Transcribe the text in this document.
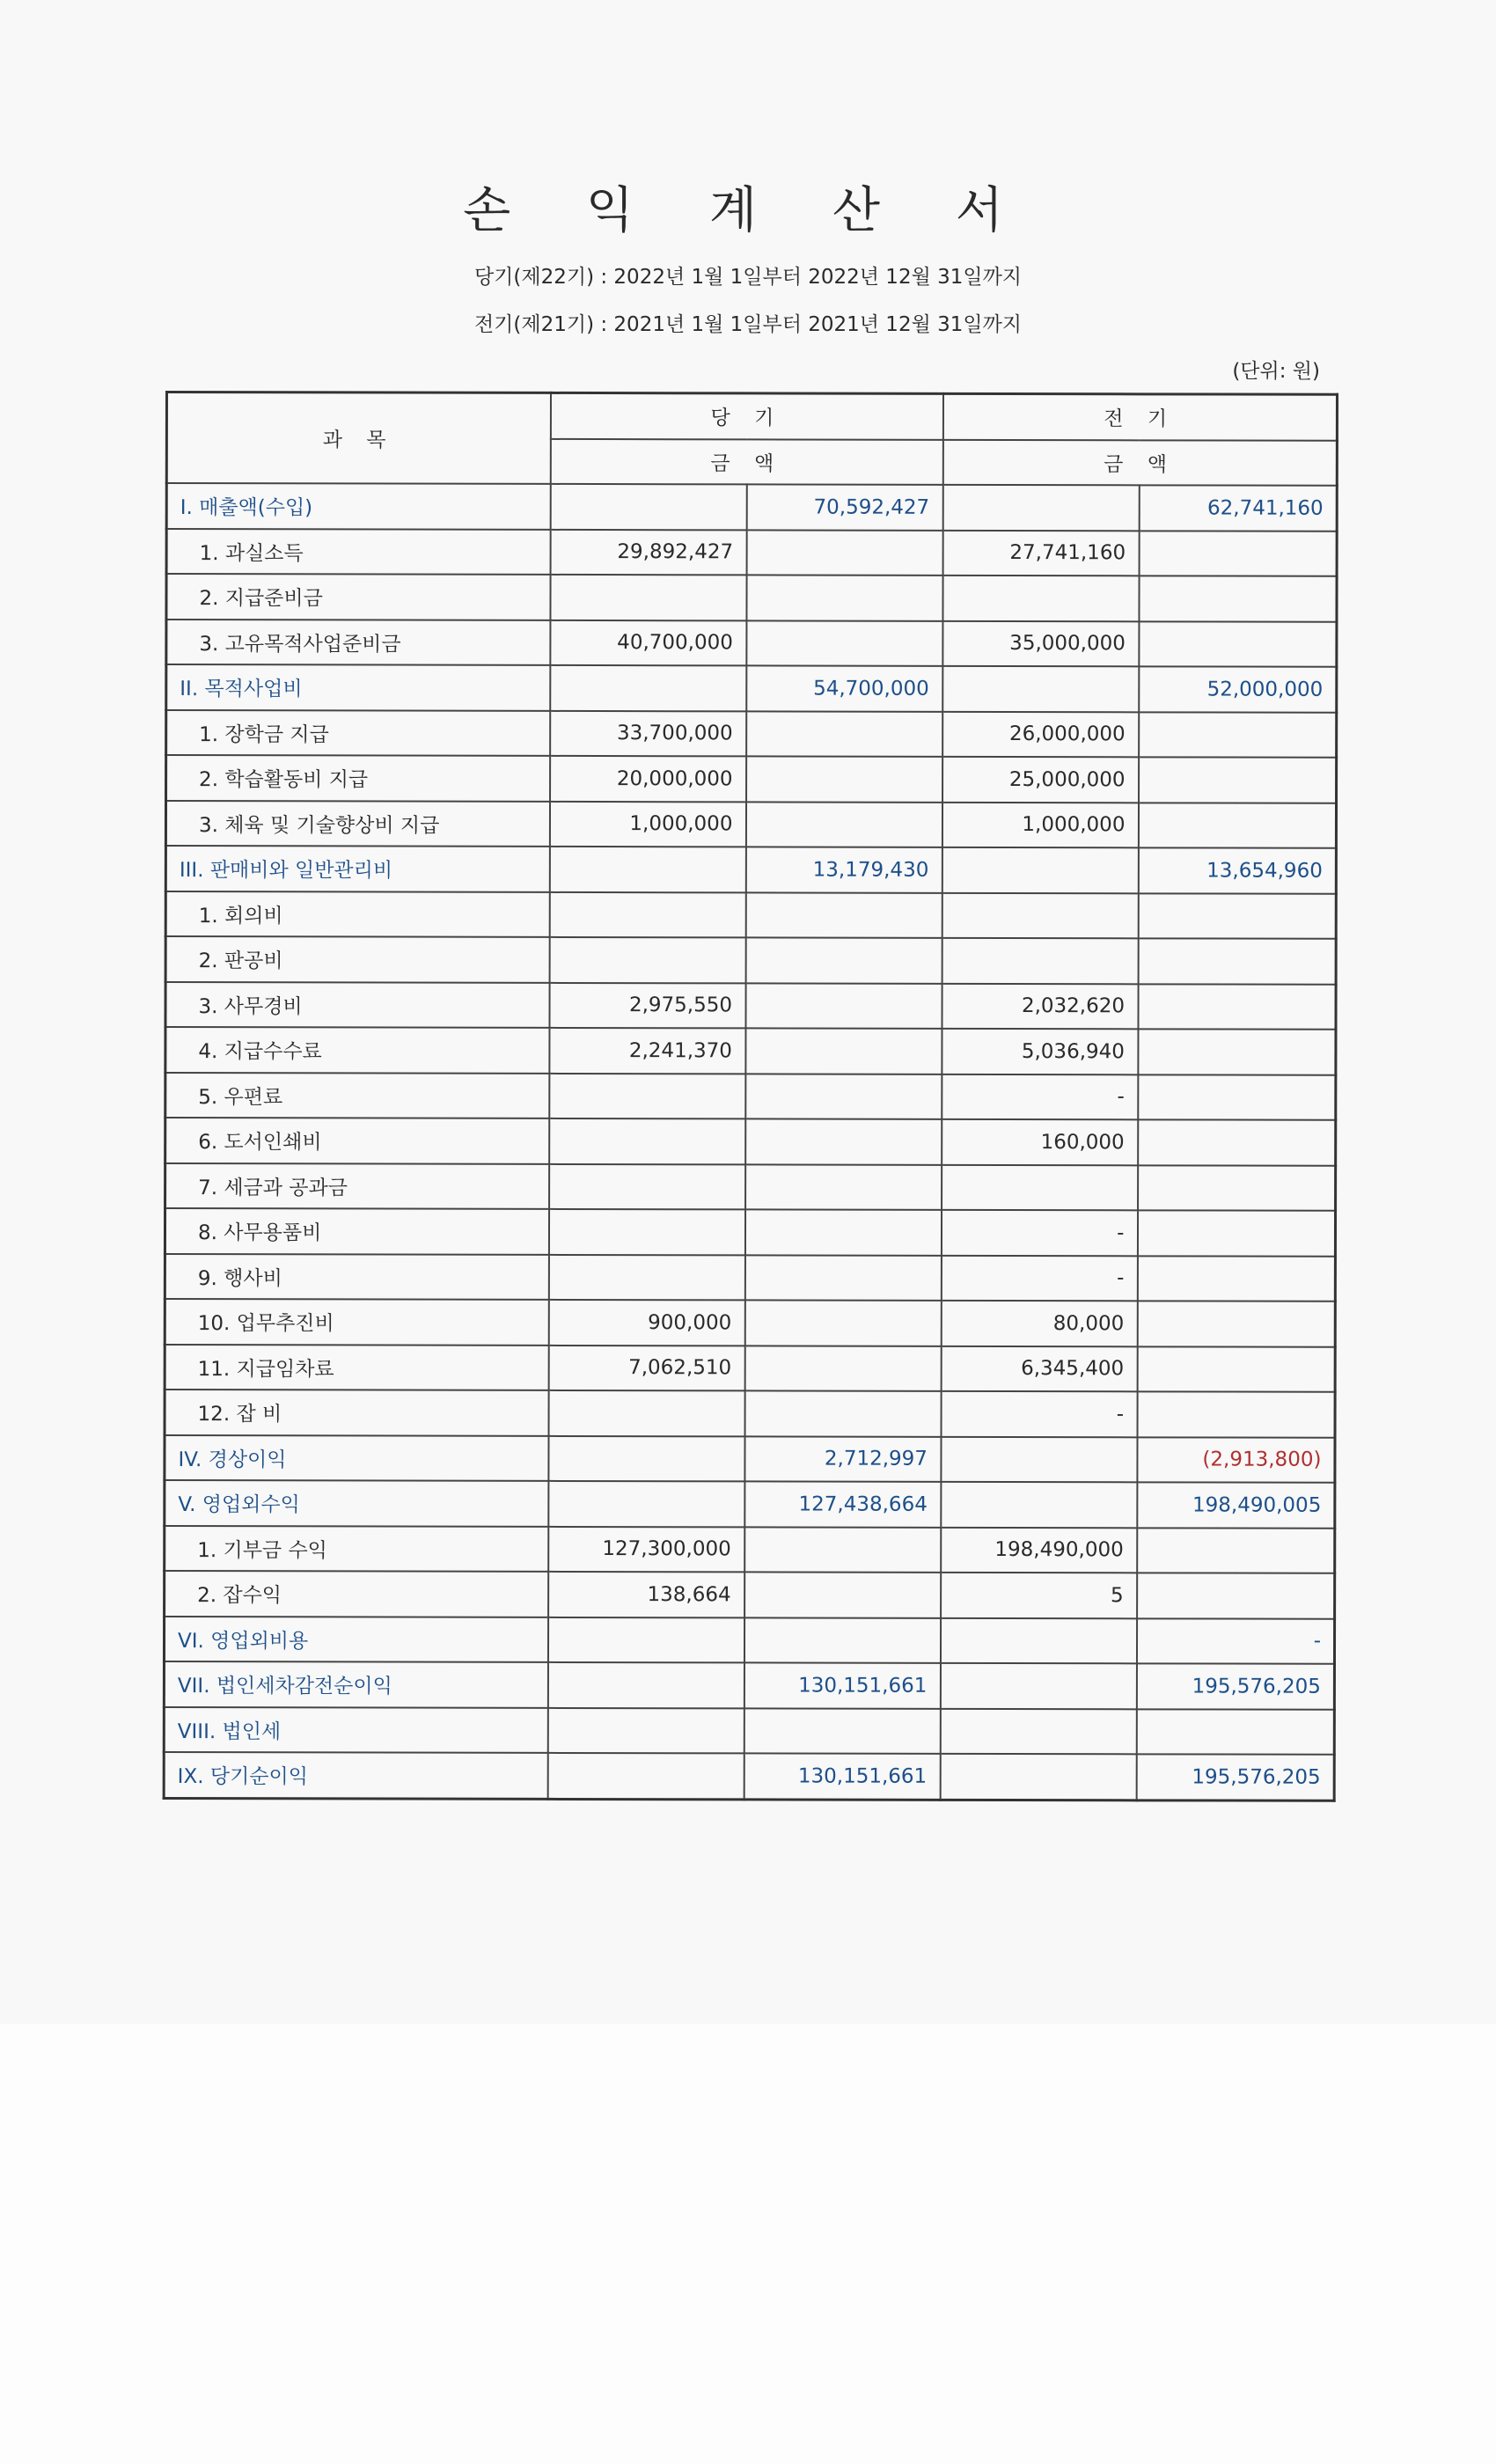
손 익 계 산 서
당기(제22기) : 2022년 1월 1일부터 2022년 12월 31일까지
전기(제21기) : 2021년 1월 1일부터 2021년 12월 31일까지
(단위: 원)
과 목	당 기		전 기	
	금 액		금 액	
I. 매출액(수입)		70,592,427		62,741,160
1. 과실소득	29,892,427		27,741,160	
2. 지급준비금				
3. 고유목적사업준비금	40,700,000		35,000,000	
II. 목적사업비		54,700,000		52,000,000
1. 장학금 지급	33,700,000		26,000,000	
2. 학습활동비 지급	20,000,000		25,000,000	
3. 체육 및 기술향상비 지급	1,000,000		1,000,000	
III. 판매비와 일반관리비		13,179,430		13,654,960
1. 회의비				
2. 판공비				
3. 사무경비	2,975,550		2,032,620	
4. 지급수수료	2,241,370		5,036,940	
5. 우편료			-	
6. 도서인쇄비			160,000	
7. 세금과 공과금				
8. 사무용품비			-	
9. 행사비			-	
10. 업무추진비	900,000		80,000	
11. 지급임차료	7,062,510		6,345,400	
12. 잡 비			-	
IV. 경상이익		2,712,997		(2,913,800)
V. 영업외수익		127,438,664		198,490,005
1. 기부금 수익	127,300,000		198,490,000	
2. 잡수익	138,664		5	
VI. 영업외비용				-
VII. 법인세차감전순이익		130,151,661		195,576,205
VIII. 법인세				
IX. 당기순이익		130,151,661		195,576,205
